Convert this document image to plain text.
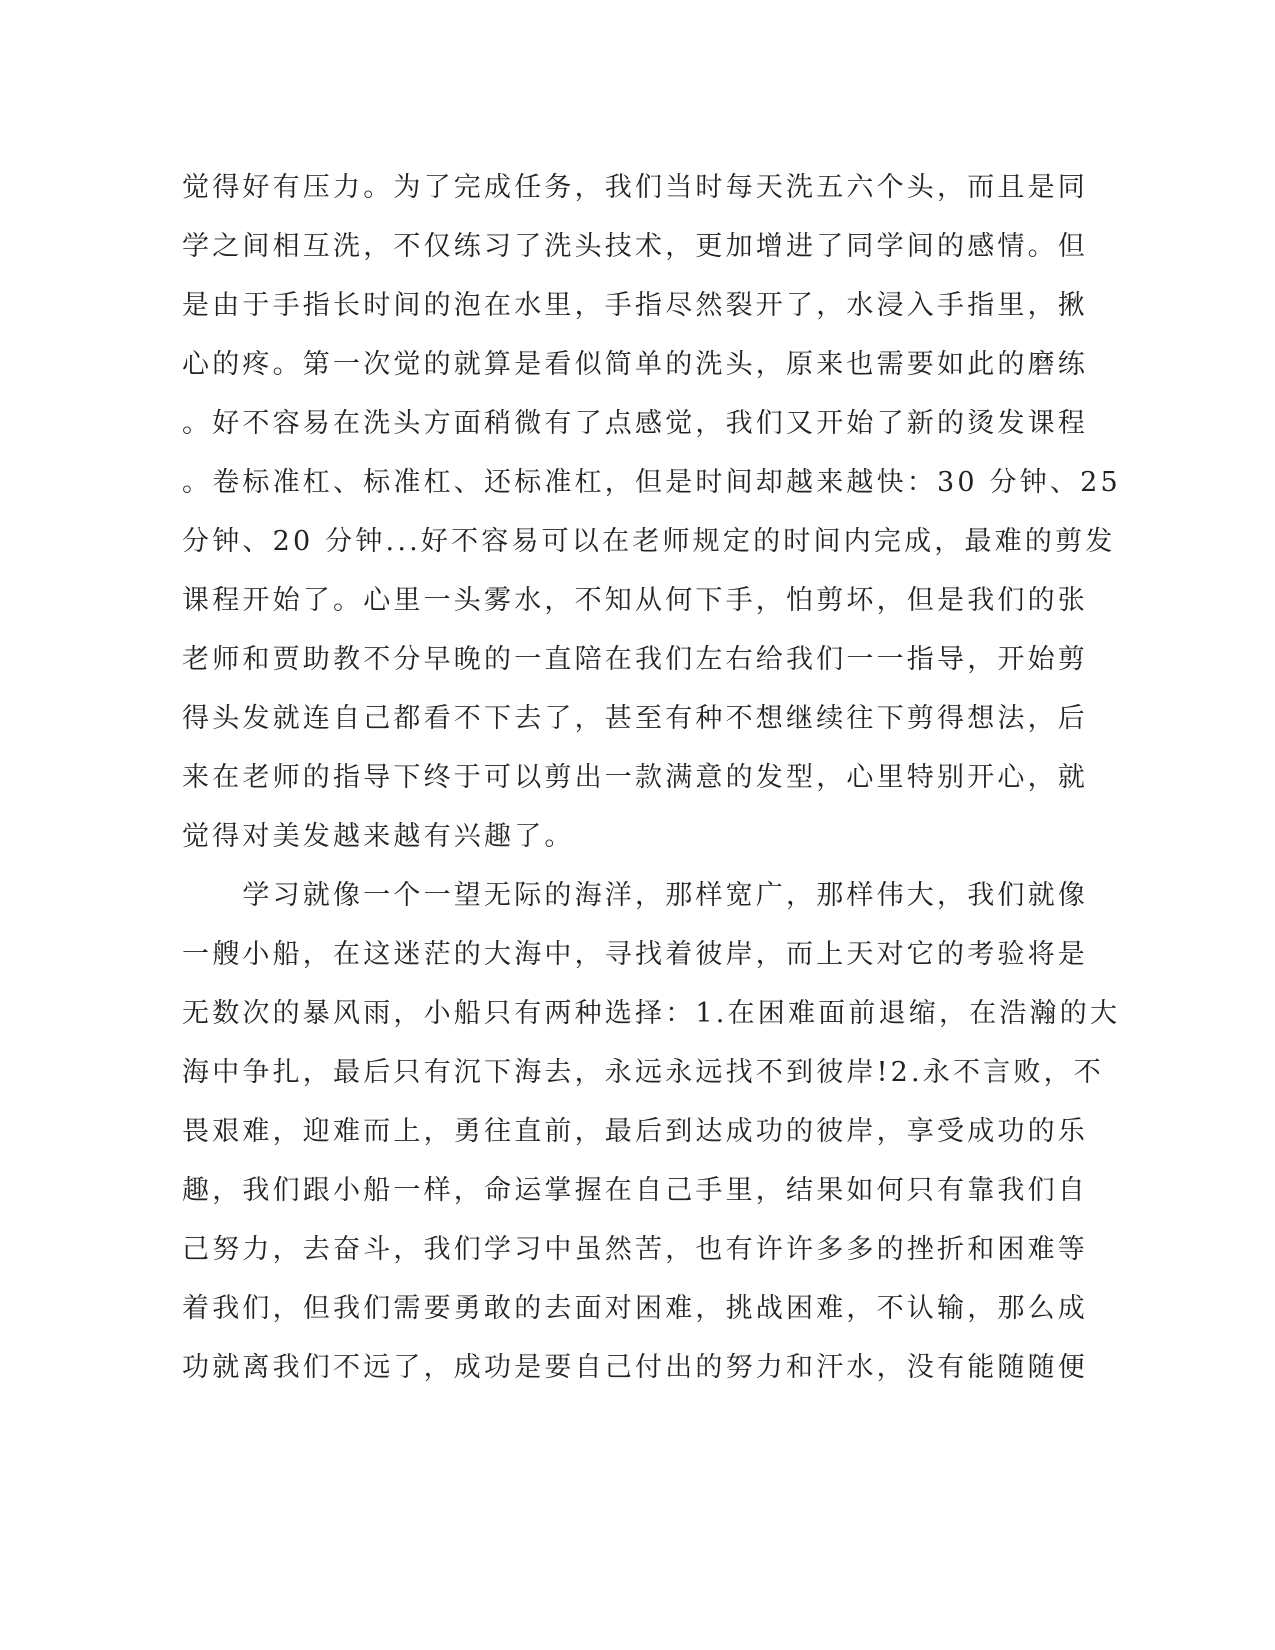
觉得好有压力。为了完成任务，我们当时每天洗五六个头，而且是同
学之间相互洗，不仅练习了洗头技术，更加增进了同学间的感情。但
是由于手指长时间的泡在水里，手指尽然裂开了，水浸入手指里，揪
心的疼。第一次觉的就算是看似简单的洗头，原来也需要如此的磨练
。好不容易在洗头方面稍微有了点感觉，我们又开始了新的烫发课程
。卷标准杠、标准杠、还标准杠，但是时间却越来越快：30 分钟、25
分钟、20 分钟...好不容易可以在老师规定的时间内完成，最难的剪发
课程开始了。心里一头雾水，不知从何下手，怕剪坏，但是我们的张
老师和贾助教不分早晚的一直陪在我们左右给我们一一指导，开始剪
得头发就连自己都看不下去了，甚至有种不想继续往下剪得想法，后
来在老师的指导下终于可以剪出一款满意的发型，心里特别开心，就
觉得对美发越来越有兴趣了。
　　学习就像一个一望无际的海洋，那样宽广，那样伟大，我们就像
一艘小船，在这迷茫的大海中，寻找着彼岸，而上天对它的考验将是
无数次的暴风雨，小船只有两种选择：1.在困难面前退缩，在浩瀚的大
海中争扎，最后只有沉下海去，永远永远找不到彼岸!2.永不言败，不
畏艰难，迎难而上，勇往直前，最后到达成功的彼岸，享受成功的乐
趣，我们跟小船一样，命运掌握在自己手里，结果如何只有靠我们自
己努力，去奋斗，我们学习中虽然苦，也有许许多多的挫折和困难等
着我们，但我们需要勇敢的去面对困难，挑战困难，不认输，那么成
功就离我们不远了，成功是要自己付出的努力和汗水，没有能随随便
